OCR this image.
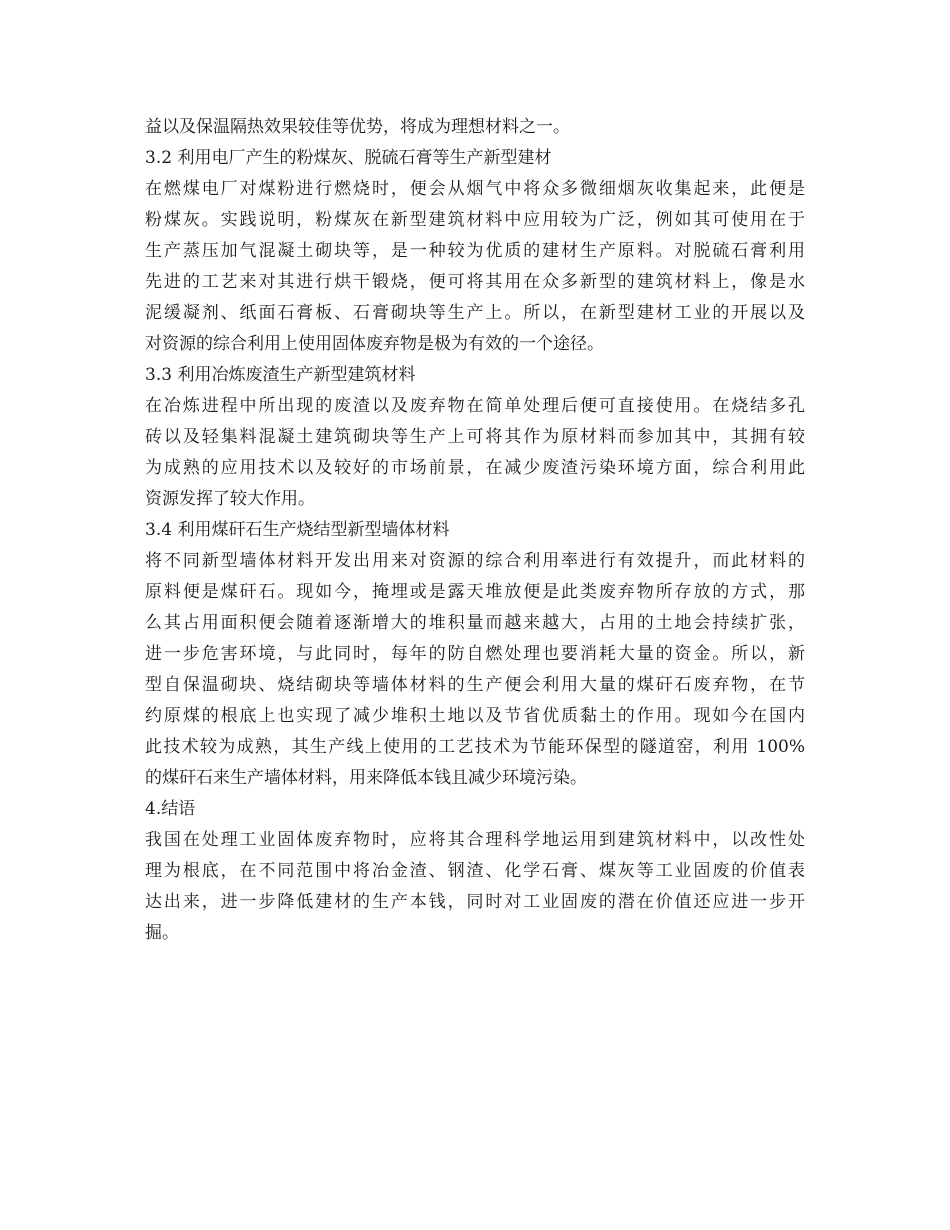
益以及保温隔热效果较佳等优势，将成为理想材料之一。
3.2 利用电厂产生的粉煤灰、脱硫石膏等生产新型建材
在燃煤电厂对煤粉进行燃烧时，便会从烟气中将众多微细烟灰收集起来，此便是
粉煤灰。实践说明，粉煤灰在新型建筑材料中应用较为广泛，例如其可使用在于
生产蒸压加气混凝土砌块等，是一种较为优质的建材生产原料。对脱硫石膏利用
先进的工艺来对其进行烘干锻烧，便可将其用在众多新型的建筑材料上，像是水
泥缓凝剂、纸面石膏板、石膏砌块等生产上。所以，在新型建材工业的开展以及
对资源的综合利用上使用固体废弃物是极为有效的一个途径。
3.3 利用冶炼废渣生产新型建筑材料
在冶炼进程中所出现的废渣以及废弃物在简单处理后便可直接使用。在烧结多孔
砖以及轻集料混凝土建筑砌块等生产上可将其作为原材料而参加其中，其拥有较
为成熟的应用技术以及较好的市场前景，在减少废渣污染环境方面，综合利用此
资源发挥了较大作用。
3.4 利用煤矸石生产烧结型新型墙体材料
将不同新型墙体材料开发出用来对资源的综合利用率进行有效提升，而此材料的
原料便是煤矸石。现如今，掩埋或是露天堆放便是此类废弃物所存放的方式，那
么其占用面积便会随着逐渐增大的堆积量而越来越大，占用的土地会持续扩张，
进一步危害环境，与此同时，每年的防自燃处理也要消耗大量的资金。所以，新
型自保温砌块、烧结砌块等墙体材料的生产便会利用大量的煤矸石废弃物，在节
约原煤的根底上也实现了减少堆积土地以及节省优质黏土的作用。现如今在国内
此技术较为成熟，其生产线上使用的工艺技术为节能环保型的隧道窑，利用 100%
的煤矸石来生产墙体材料，用来降低本钱且减少环境污染。
4.结语
我国在处理工业固体废弃物时，应将其合理科学地运用到建筑材料中，以改性处
理为根底，在不同范围中将冶金渣、钢渣、化学石膏、煤灰等工业固废的价值表
达出来，进一步降低建材的生产本钱，同时对工业固废的潜在价值还应进一步开
掘。
